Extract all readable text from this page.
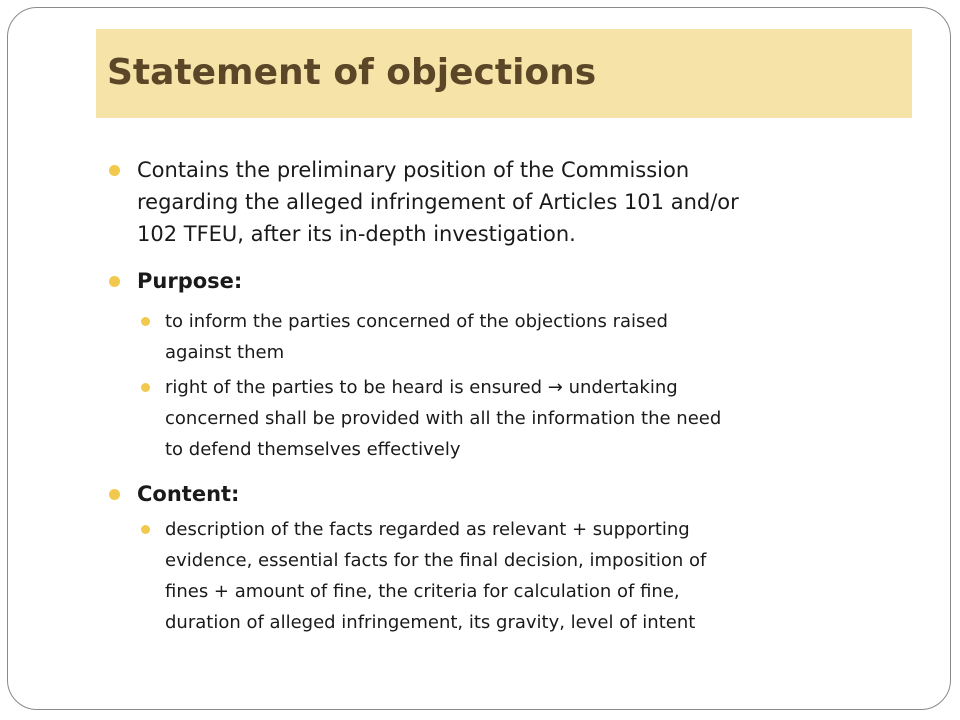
Statement of objections
Contains the preliminary position of the Commission
regarding the alleged infringement of Articles 101 and/or
102 TFEU, after its in-depth investigation.
Purpose:
to inform the parties concerned of the objections raised
against them
right of the parties to be heard is ensured → undertaking
concerned shall be provided with all the information the need
to defend themselves effectively
Content:
description of the facts regarded as relevant + supporting
evidence, essential facts for the final decision, imposition of
fines + amount of fine, the criteria for calculation of fine,
duration of alleged infringement, its gravity, level of intent
